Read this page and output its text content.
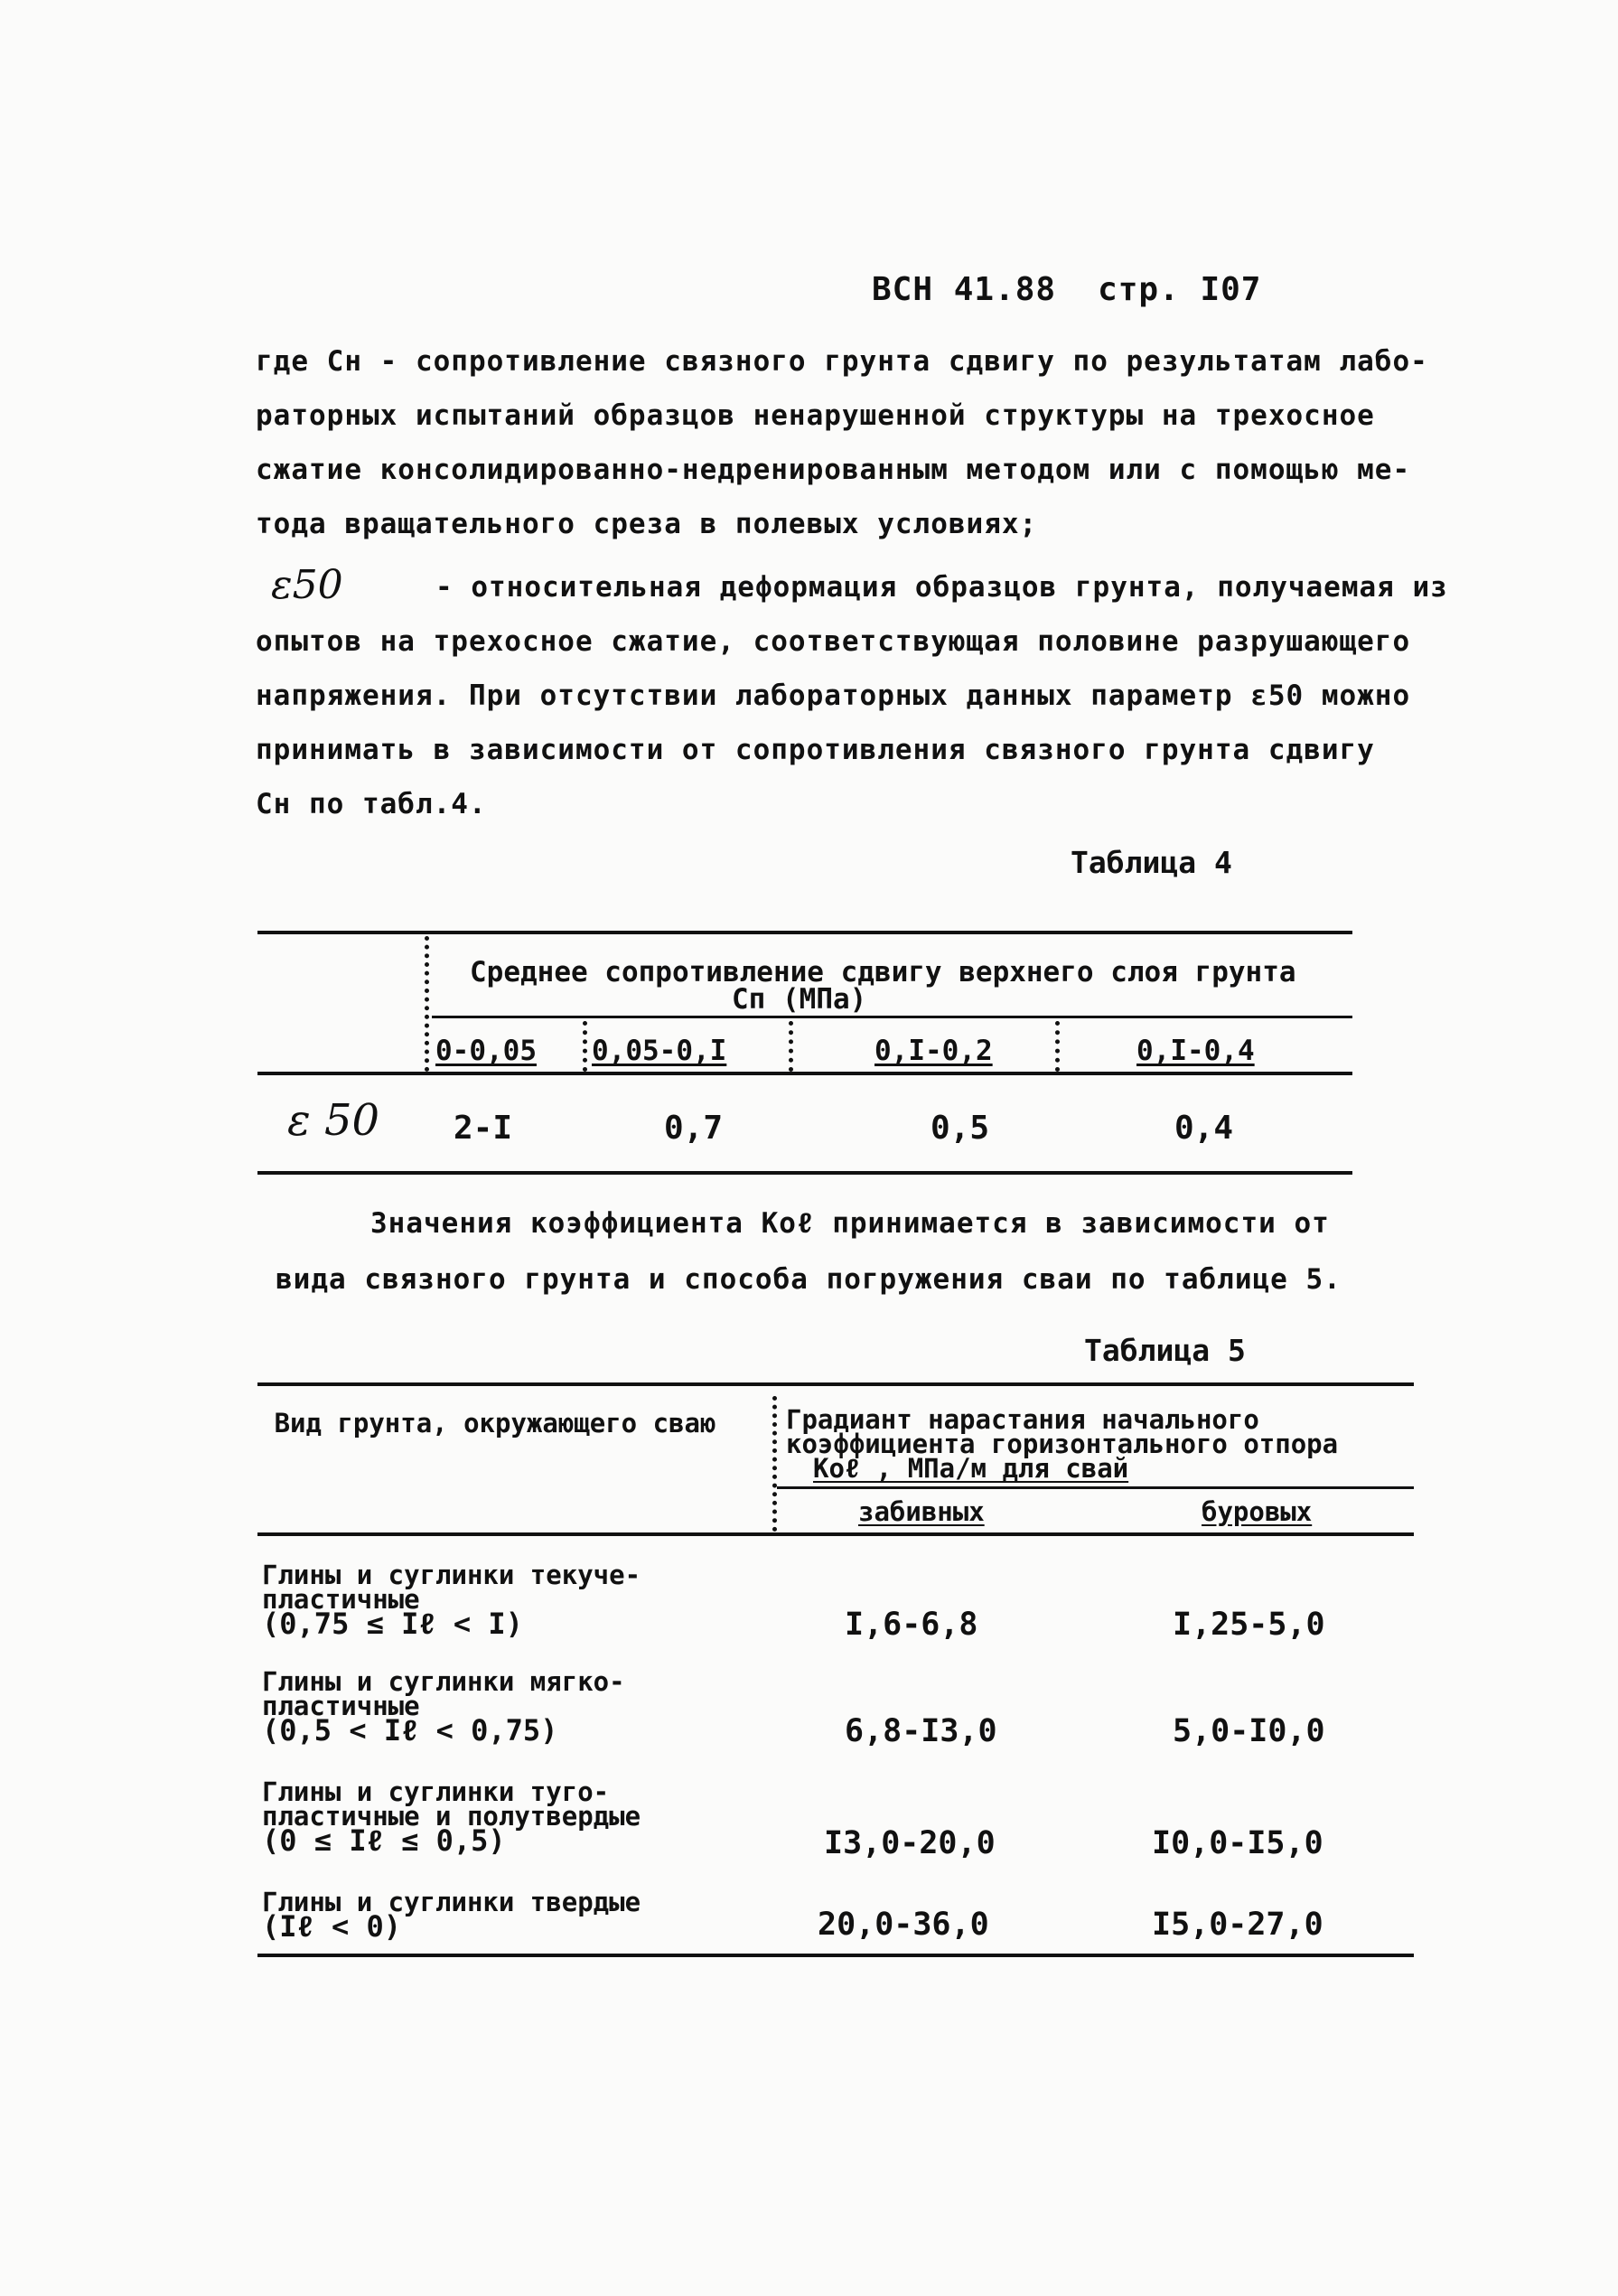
ВСН 41.88 стр. I07
где Сн - сопротивление связного грунта сдвигу по результатам лабо-
раторных испытаний образцов ненарушенной структуры на трехосное
сжатие консолидированно-недренированным методом или с помощью ме-
тода вращательного среза в полевых условиях;
ε50	- относительная деформация образцов грунта, получаемая из
опытов на трехосное сжатие, соответствующая половине разрушающего
напряжения. При отсутствии лабораторных данных параметр ε50 можно
принимать в зависимости от сопротивления связного грунта сдвигу
Сн по табл.4.
Таблица 4
Среднее сопротивление сдвигу верхнего слоя грунта
Сп (МПа)
0-0,05 0,05-0,I	0,I-0,2	0,I-0,4
ε 50 2-I	0,7	0,5	0,4
Значения коэффициента Кoℓ принимается в зависимости от
вида связного грунта и способа погружения сваи по таблице 5.
Таблица 5
Вид грунта, окружающего сваю	Градиант нарастания начального
коэффициента горизонтального отпора
Кoℓ , МПа/м для свай
забивных	буровых
Глины и суглинки текуче-
пластичные
(0,75 ≤ Iℓ < I)	I,6-6,8	I,25-5,0
Глины и суглинки мягко-
пластичные
(0,5 < Iℓ < 0,75)	6,8-I3,0	5,0-I0,0
Глины и суглинки туго-
пластичные и полутвердые
(0 ≤ Iℓ ≤ 0,5)	I3,0-20,0	I0,0-I5,0
Глины и суглинки твердые
(Iℓ < 0)	20,0-36,0	I5,0-27,0
